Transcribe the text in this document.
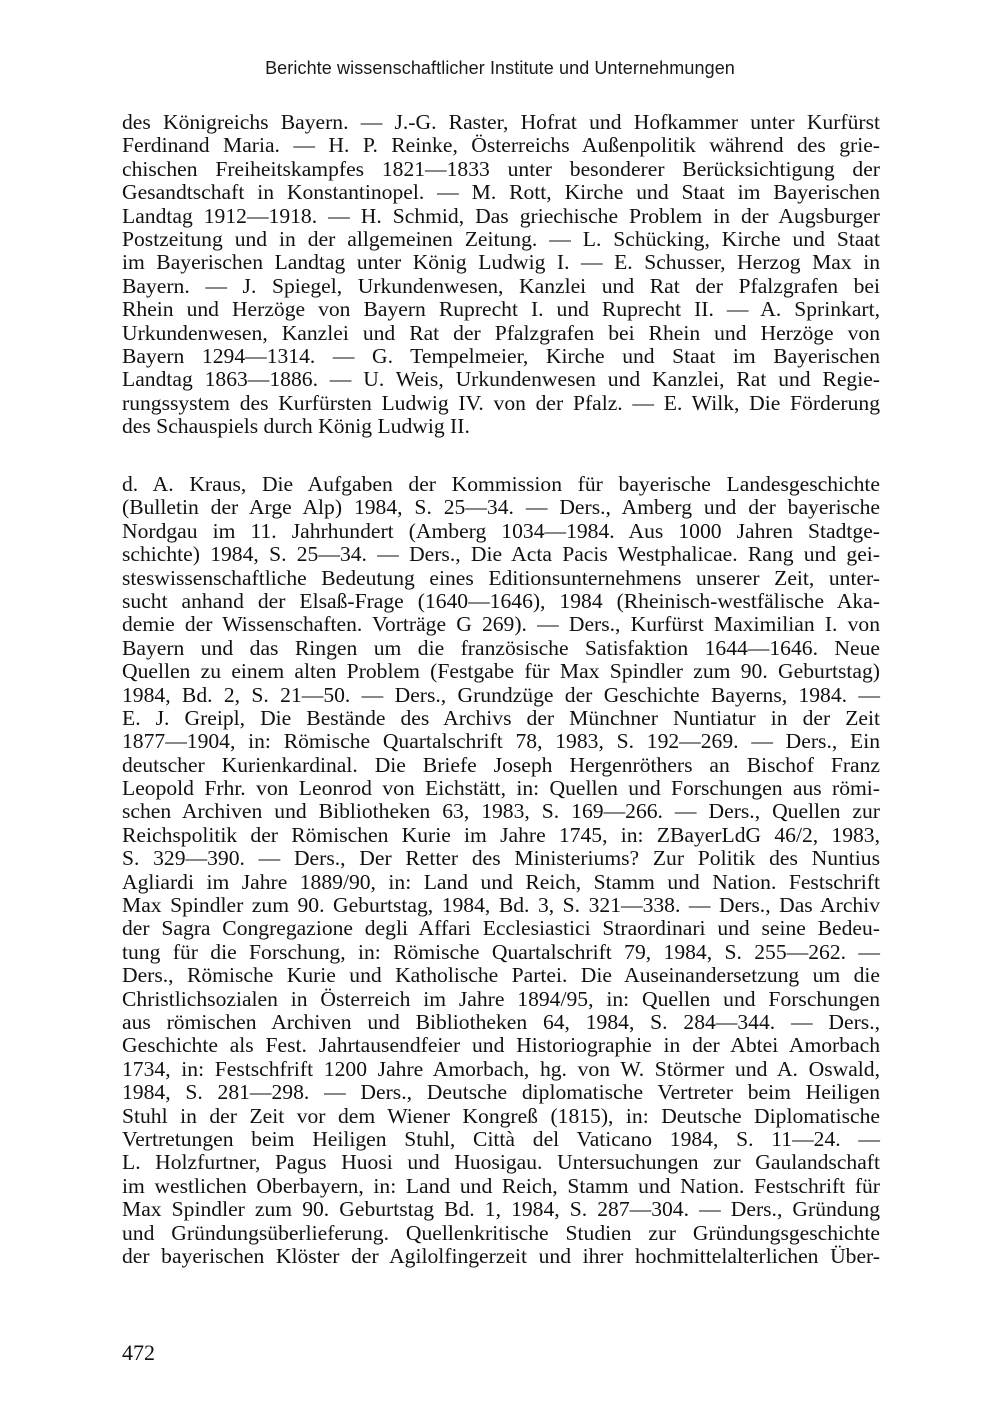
Berichte wissenschaftlicher Institute und Unternehmungen
des Königreichs Bayern. — J.-G. Raster, Hofrat und Hofkammer unter Kurfürst
Ferdinand Maria. — H. P. Reinke, Österreichs Außenpolitik während des grie-
chischen Freiheitskampfes 1821—1833 unter besonderer Berücksichtigung der
Gesandtschaft in Konstantinopel. — M. Rott, Kirche und Staat im Bayerischen
Landtag 1912—1918. — H. Schmid, Das griechische Problem in der Augsburger
Postzeitung und in der allgemeinen Zeitung. — L. Schücking, Kirche und Staat
im Bayerischen Landtag unter König Ludwig I. — E. Schusser, Herzog Max in
Bayern. — J. Spiegel, Urkundenwesen, Kanzlei und Rat der Pfalzgrafen bei
Rhein und Herzöge von Bayern Ruprecht I. und Ruprecht II. — A. Sprinkart,
Urkundenwesen, Kanzlei und Rat der Pfalzgrafen bei Rhein und Herzöge von
Bayern 1294—1314. — G. Tempelmeier, Kirche und Staat im Bayerischen
Landtag 1863—1886. — U. Weis, Urkundenwesen und Kanzlei, Rat und Regie-
rungssystem des Kurfürsten Ludwig IV. von der Pfalz. — E. Wilk, Die Förderung
des Schauspiels durch König Ludwig II.
d. A. Kraus, Die Aufgaben der Kommission für bayerische Landesgeschichte
(Bulletin der Arge Alp) 1984, S. 25—34. — Ders., Amberg und der bayerische
Nordgau im 11. Jahrhundert (Amberg 1034—1984. Aus 1000 Jahren Stadtge-
schichte) 1984, S. 25—34. — Ders., Die Acta Pacis Westphalicae. Rang und gei-
steswissenschaftliche Bedeutung eines Editionsunternehmens unserer Zeit, unter-
sucht anhand der Elsaß-Frage (1640—1646), 1984 (Rheinisch-westfälische Aka-
demie der Wissenschaften. Vorträge G 269). — Ders., Kurfürst Maximilian I. von
Bayern und das Ringen um die französische Satisfaktion 1644—1646. Neue
Quellen zu einem alten Problem (Festgabe für Max Spindler zum 90. Geburtstag)
1984, Bd. 2, S. 21—50. — Ders., Grundzüge der Geschichte Bayerns, 1984. —
E. J. Greipl, Die Bestände des Archivs der Münchner Nuntiatur in der Zeit
1877—1904, in: Römische Quartalschrift 78, 1983, S. 192—269. — Ders., Ein
deutscher Kurienkardinal. Die Briefe Joseph Hergenröthers an Bischof Franz
Leopold Frhr. von Leonrod von Eichstätt, in: Quellen und Forschungen aus römi-
schen Archiven und Bibliotheken 63, 1983, S. 169—266. — Ders., Quellen zur
Reichspolitik der Römischen Kurie im Jahre 1745, in: ZBayerLdG 46/2, 1983,
S. 329—390. — Ders., Der Retter des Ministeriums? Zur Politik des Nuntius
Agliardi im Jahre 1889/90, in: Land und Reich, Stamm und Nation. Festschrift
Max Spindler zum 90. Geburtstag, 1984, Bd. 3, S. 321—338. — Ders., Das Archiv
der Sagra Congregazione degli Affari Ecclesiastici Straordinari und seine Bedeu-
tung für die Forschung, in: Römische Quartalschrift 79, 1984, S. 255—262. —
Ders., Römische Kurie und Katholische Partei. Die Auseinandersetzung um die
Christlichsozialen in Österreich im Jahre 1894/95, in: Quellen und Forschungen
aus römischen Archiven und Bibliotheken 64, 1984, S. 284—344. — Ders.,
Geschichte als Fest. Jahrtausendfeier und Historiographie in der Abtei Amorbach
1734, in: Festschfrift 1200 Jahre Amorbach, hg. von W. Störmer und A. Oswald,
1984, S. 281—298. — Ders., Deutsche diplomatische Vertreter beim Heiligen
Stuhl in der Zeit vor dem Wiener Kongreß (1815), in: Deutsche Diplomatische
Vertretungen beim Heiligen Stuhl, Città del Vaticano 1984, S. 11—24. —
L. Holzfurtner, Pagus Huosi und Huosigau. Untersuchungen zur Gaulandschaft
im westlichen Oberbayern, in: Land und Reich, Stamm und Nation. Festschrift für
Max Spindler zum 90. Geburtstag Bd. 1, 1984, S. 287—304. — Ders., Gründung
und Gründungsüberlieferung. Quellenkritische Studien zur Gründungsgeschichte
der bayerischen Klöster der Agilolfingerzeit und ihrer hochmittelalterlichen Über-
472
